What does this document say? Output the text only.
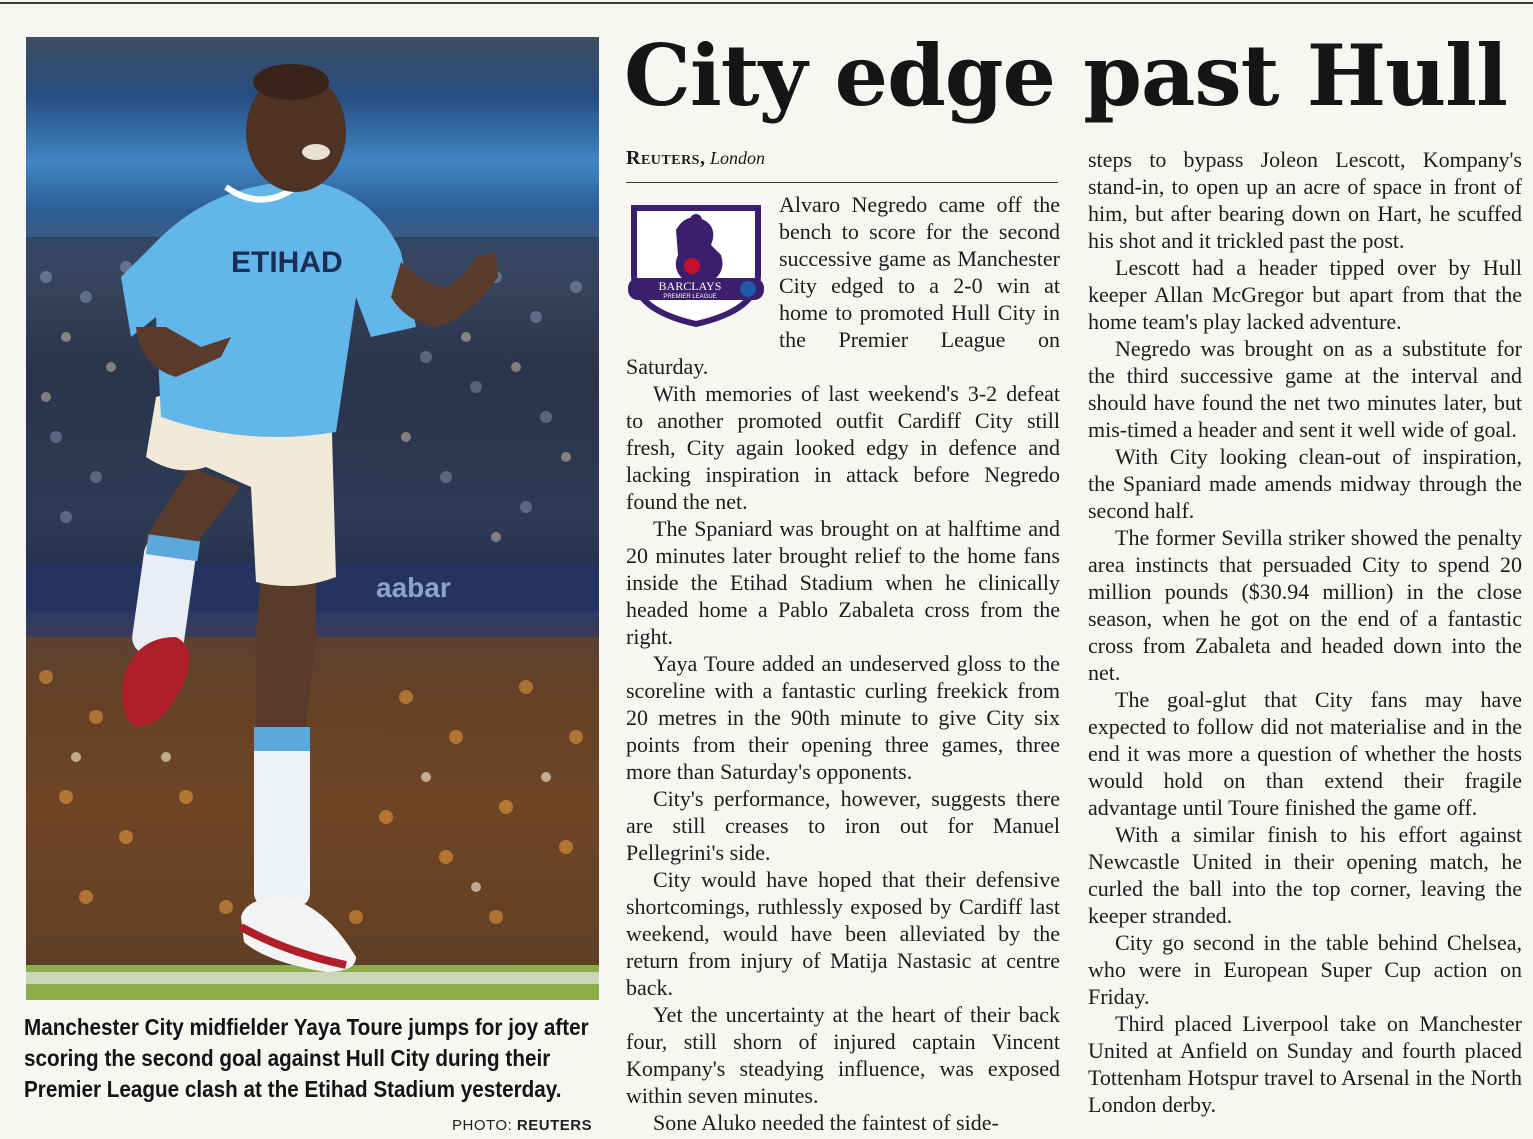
aabar
ETIHAD
Manchester City midfielder Yaya Toure jumps for joy after scoring the second goal against Hull City during their Premier League clash at the Etihad Stadium yesterday.
PHOTO: REUTERS
City edge past Hull
Reuters, London

Alvaro Negredo came off the bench to score for the second successive game as Manchester City edged to a 2-0 win at home to promoted Hull City in the Premier League on Saturday.

With memories of last weekend's 3-2 defeat to another promoted outfit Cardiff City still fresh, City again looked edgy in defence and lacking inspiration in attack before Negredo found the net.

The Spaniard was brought on at halftime and 20 minutes later brought relief to the home fans inside the Etihad Stadium when he clinically headed home a Pablo Zabaleta cross from the right.

Yaya Toure added an undeserved gloss to the scoreline with a fantastic curling freekick from 20 metres in the 90th minute to give City six points from their opening three games, three more than Saturday's opponents.

City's performance, however, suggests there are still creases to iron out for Manuel Pellegrini's side.

City would have hoped that their defensive shortcomings, ruthlessly exposed by Cardiff last weekend, would have been alleviated by the return from injury of Matija Nastasic at centre back.

Yet the uncertainty at the heart of their back four, still shorn of injured captain Vincent Kompany's steadying influence, was exposed within seven minutes.

Sone Aluko needed the faintest of side-

BARCLAYS
PREMIER LEAGUE

steps to bypass Joleon Lescott, Kompany's stand-in, to open up an acre of space in front of him, but after bearing down on Hart, he scuffed his shot and it trickled past the post.

Lescott had a header tipped over by Hull keeper Allan McGregor but apart from that the home team's play lacked adventure.

Negredo was brought on as a substitute for the third successive game at the interval and should have found the net two minutes later, but mis-timed a header and sent it well wide of goal.

With City looking clean-out of inspiration, the Spaniard made amends midway through the second half.

The former Sevilla striker showed the penalty area instincts that persuaded City to spend 20 million pounds ($30.94 million) in the close season, when he got on the end of a fantastic cross from Zabaleta and headed down into the net.

The goal-glut that City fans may have expected to follow did not materialise and in the end it was more a question of whether the hosts would hold on than extend their fragile advantage until Toure finished the game off.

With a similar finish to his effort against Newcastle United in their opening match, he curled the ball into the top corner, leaving the keeper stranded.

City go second in the table behind Chelsea, who were in European Super Cup action on Friday.

Third placed Liverpool take on Manchester United at Anfield on Sunday and fourth placed Tottenham Hotspur travel to Arsenal in the North London derby.
